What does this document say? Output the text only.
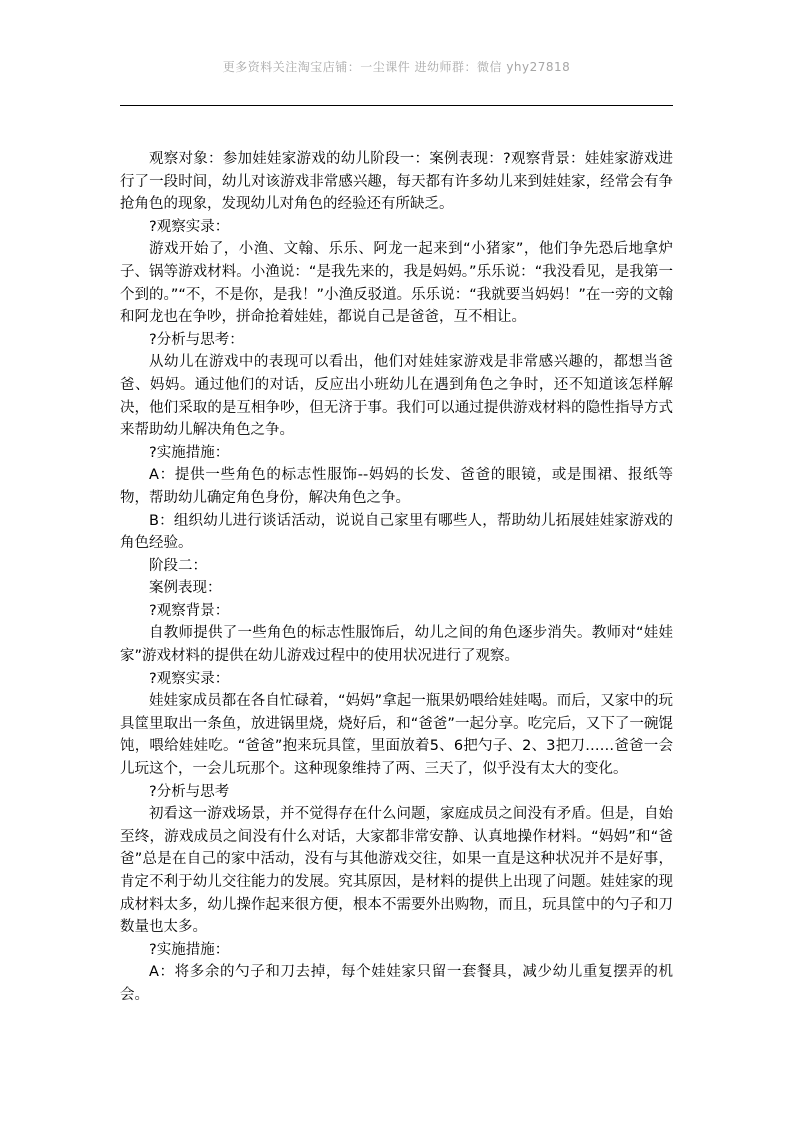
更多资料关注淘宝店铺：一尘课件 进幼师群：微信 yhy27818

观察对象：参加娃娃家游戏的幼儿阶段一：案例表现：?观察背景：娃娃家游戏进行了一段时间，幼儿对该游戏非常感兴趣，每天都有许多幼儿来到娃娃家，经常会有争抢角色的现象，发现幼儿对角色的经验还有所缺乏。

?观察实录：

游戏开始了，小渔、文翰、乐乐、阿龙一起来到“小猪家”，他们争先恐后地拿炉子、锅等游戏材料。小渔说：“是我先来的，我是妈妈。”乐乐说：“我没看见，是我第一个到的。”“不，不是你，是我！”小渔反驳道。乐乐说：“我就要当妈妈！”在一旁的文翰和阿龙也在争吵，拼命抢着娃娃，都说自己是爸爸，互不相让。

?分析与思考：

从幼儿在游戏中的表现可以看出，他们对娃娃家游戏是非常感兴趣的，都想当爸爸、妈妈。通过他们的对话，反应出小班幼儿在遇到角色之争时，还不知道该怎样解决，他们采取的是互相争吵，但无济于事。我们可以通过提供游戏材料的隐性指导方式来帮助幼儿解决角色之争。

?实施措施：

A：提供一些角色的标志性服饰--妈妈的长发、爸爸的眼镜，或是围裙、报纸等物，帮助幼儿确定角色身份，解决角色之争。

B：组织幼儿进行谈话活动，说说自己家里有哪些人，帮助幼儿拓展娃娃家游戏的角色经验。

阶段二：

案例表现：

?观察背景：

自教师提供了一些角色的标志性服饰后，幼儿之间的角色逐步消失。教师对“娃娃家”游戏材料的提供在幼儿游戏过程中的使用状况进行了观察。

?观察实录：

娃娃家成员都在各自忙碌着，“妈妈”拿起一瓶果奶喂给娃娃喝。而后，又家中的玩具筐里取出一条鱼，放进锅里烧，烧好后，和“爸爸”一起分享。吃完后，又下了一碗馄饨，喂给娃娃吃。“爸爸”抱来玩具筐，里面放着5、6把勺子、2、3把刀……爸爸一会儿玩这个，一会儿玩那个。这种现象维持了两、三天了，似乎没有太大的变化。

?分析与思考

初看这一游戏场景，并不觉得存在什么问题，家庭成员之间没有矛盾。但是，自始至终，游戏成员之间没有什么对话，大家都非常安静、认真地操作材料。“妈妈”和“爸爸”总是在自己的家中活动，没有与其他游戏交往，如果一直是这种状况并不是好事，肯定不利于幼儿交往能力的发展。究其原因，是材料的提供上出现了问题。娃娃家的现成材料太多，幼儿操作起来很方便，根本不需要外出购物，而且，玩具筐中的勺子和刀数量也太多。

?实施措施：

A：将多余的勺子和刀去掉，每个娃娃家只留一套餐具，减少幼儿重复摆弄的机会。
